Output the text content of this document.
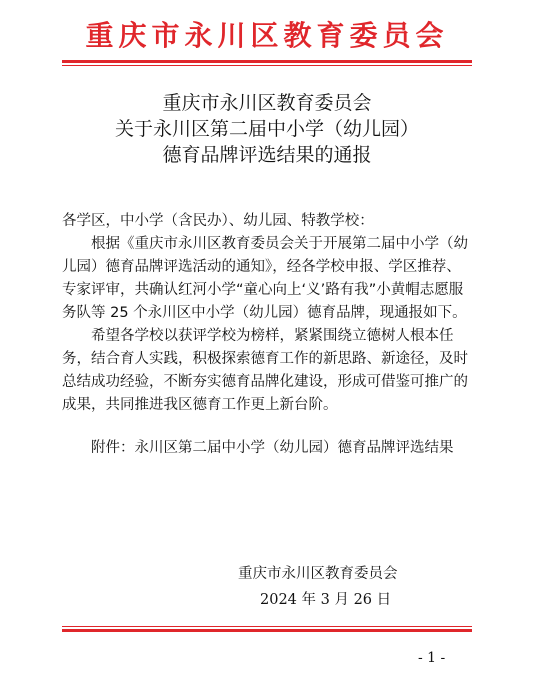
重庆市永川区教育委员会
重庆市永川区教育委员会
关于永川区第二届中小学（幼儿园）
德育品牌评选结果的通报

各学区，中小学（含民办）、幼儿园、特教学校：

根据《重庆市永川区教育委员会关于开展第二届中小学（幼儿园）德育品牌评选活动的通知》，经各学校申报、学区推荐、专家评审，共确认红河小学“童心向上‘义’路有我”小黄帽志愿服务队等 25 个永川区中小学（幼儿园）德育品牌，现通报如下。

希望各学校以获评学校为榜样，紧紧围绕立德树人根本任务，结合育人实践，积极探索德育工作的新思路、新途径，及时总结成功经验，不断夯实德育品牌化建设，形成可借鉴可推广的成果，共同推进我区德育工作更上新台阶。

附件：永川区第二届中小学（幼儿园）德育品牌评选结果

重庆市永川区教育委员会
2024 年 3 月 26 日
- 1 -
